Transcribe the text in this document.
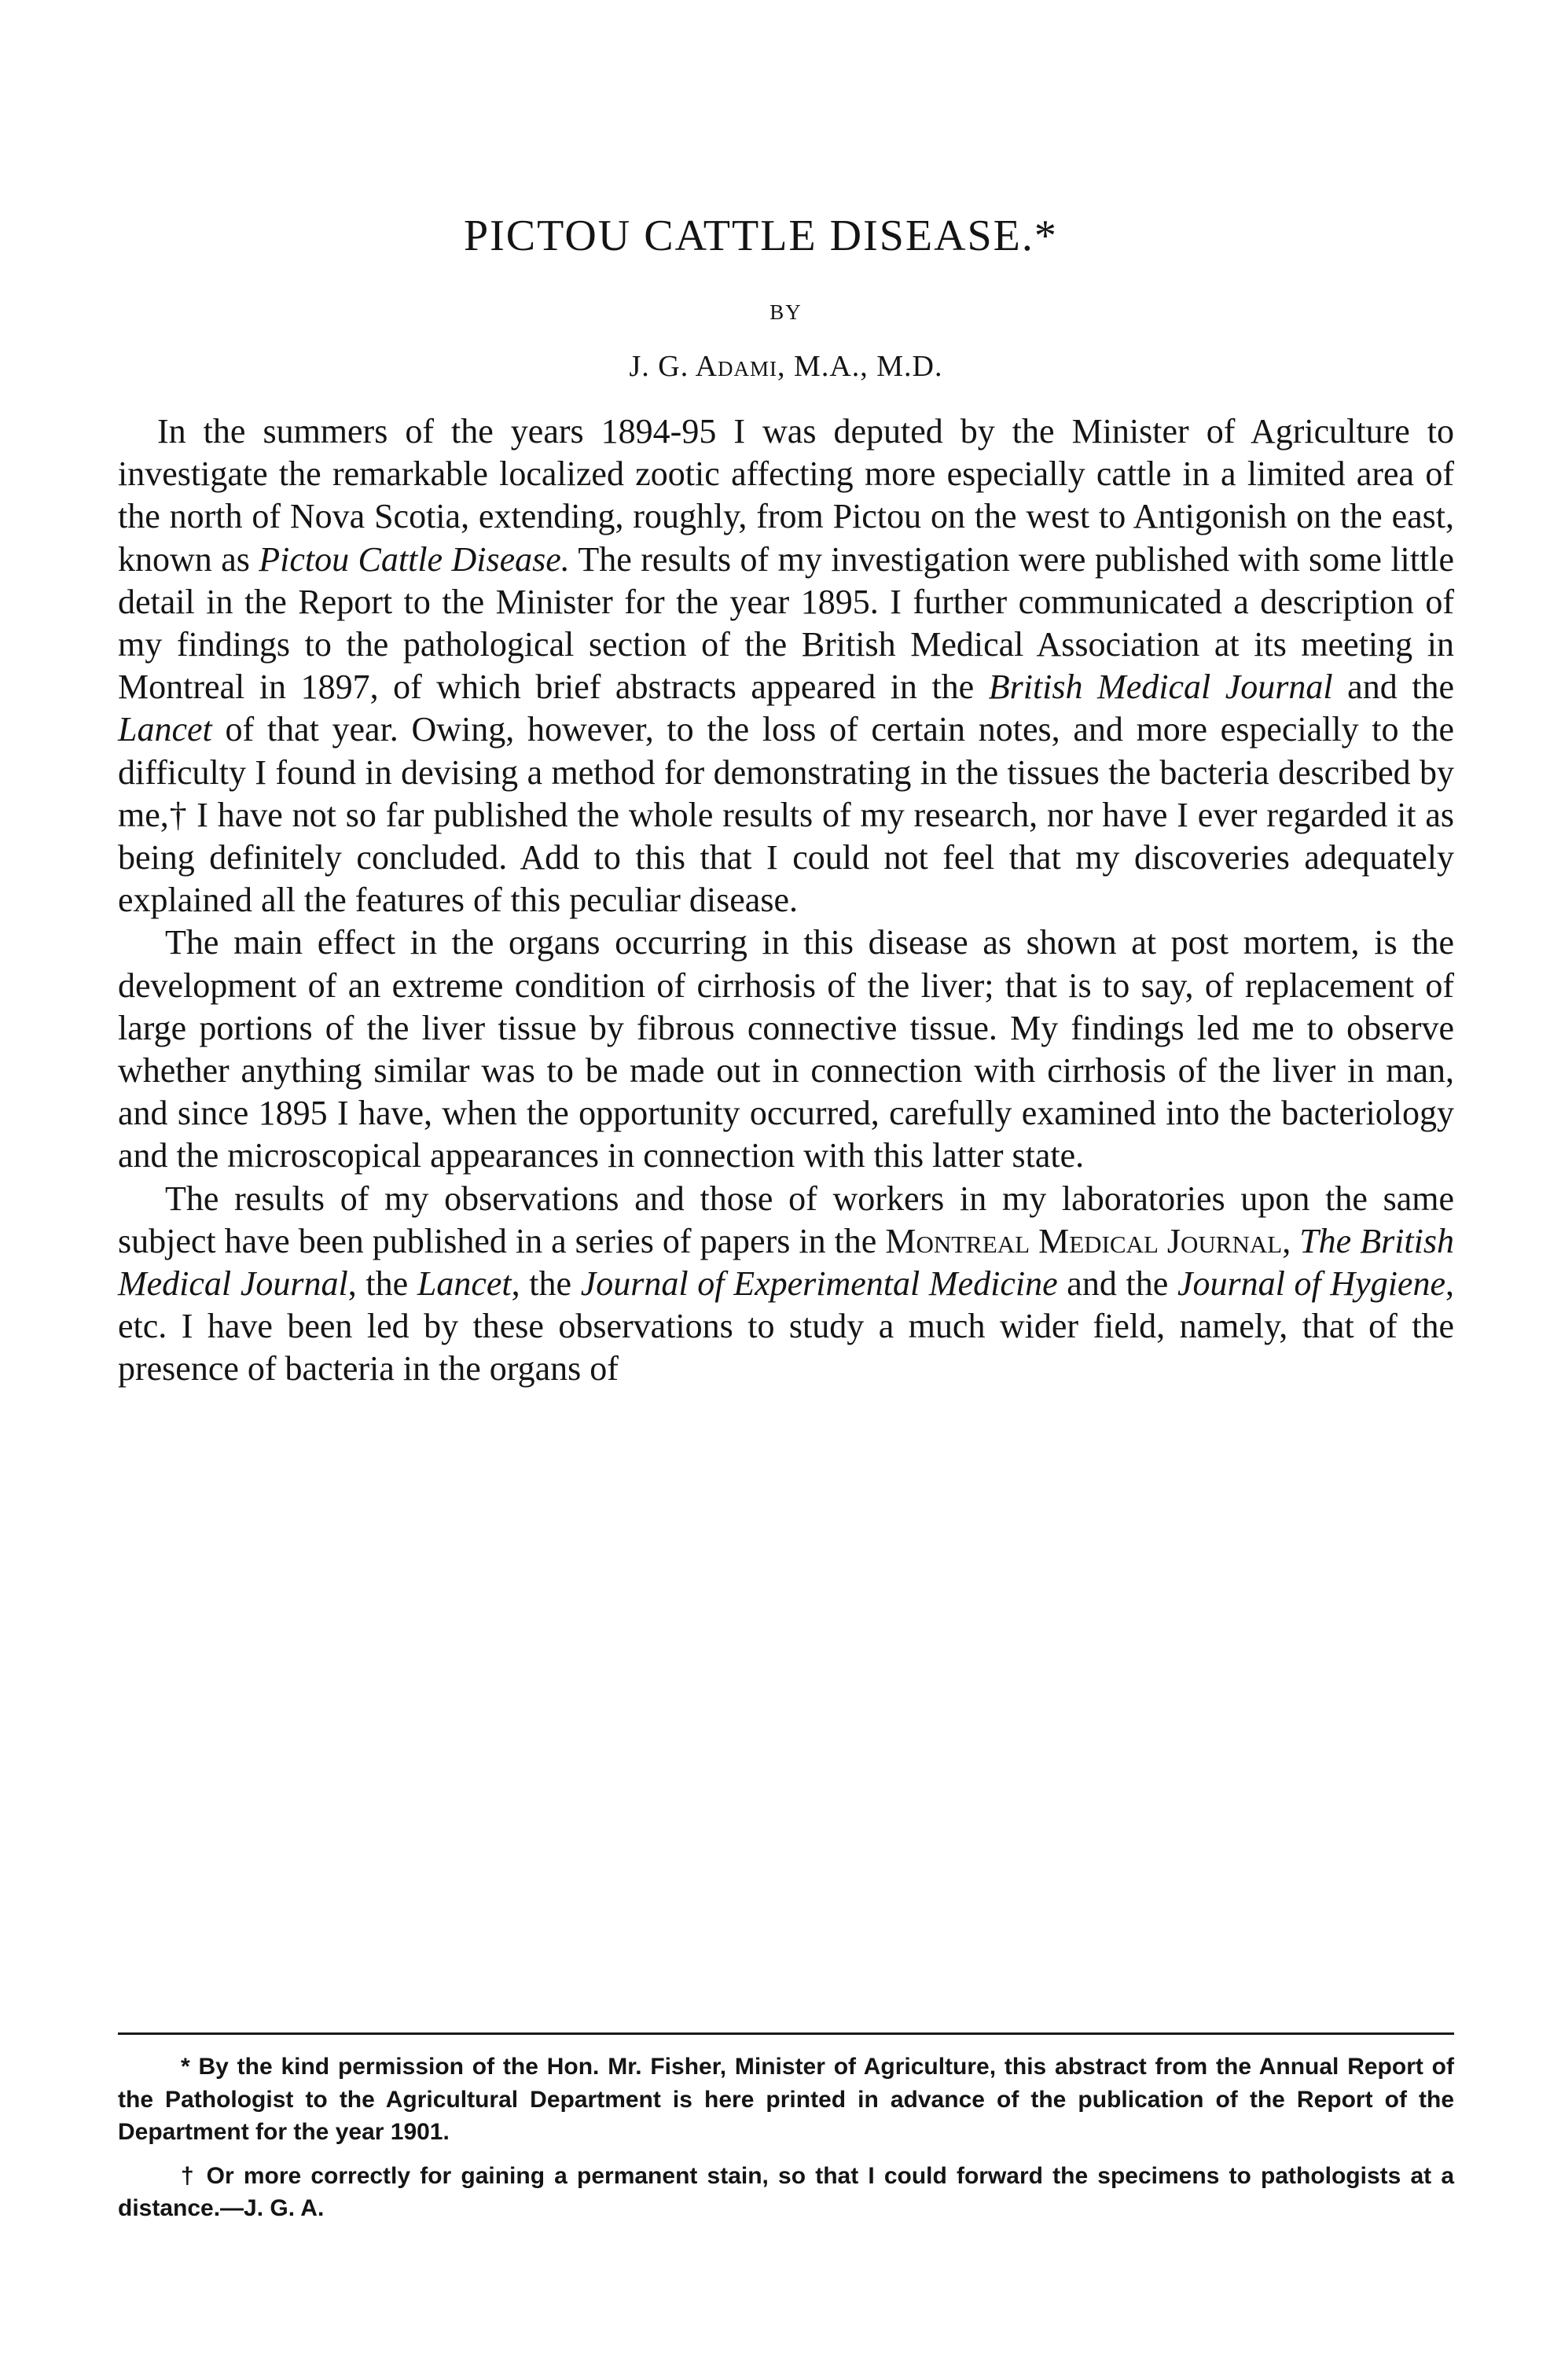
PICTOU CATTLE DISEASE.*
BY
J. G. Adami, M.A., M.D.

In the summers of the years 1894-95 I was deputed by the Minister of Agriculture to investigate the remarkable localized zootic affecting more especially cattle in a limited area of the north of Nova Scotia, extending, roughly, from Pictou on the west to Antigonish on the east, known as Pictou Cattle Disease. The results of my investigation were published with some little detail in the Report to the Minister for the year 1895. I further communicated a description of my findings to the pathological section of the British Medical Association at its meeting in Montreal in 1897, of which brief abstracts appeared in the British Medical Journal and the Lancet of that year. Owing, however, to the loss of certain notes, and more especially to the difficulty I found in devising a method for demonstrating in the tissues the bacteria described by me,† I have not so far published the whole results of my research, nor have I ever regarded it as being definitely concluded. Add to this that I could not feel that my discoveries adequately explained all the features of this peculiar disease.

The main effect in the organs occurring in this disease as shown at post mortem, is the development of an extreme condition of cirrhosis of the liver; that is to say, of replacement of large portions of the liver tissue by fibrous connective tissue. My findings led me to observe whether anything similar was to be made out in connection with cirrhosis of the liver in man, and since 1895 I have, when the opportunity occurred, carefully examined into the bacteriology and the microscopical appearances in connection with this latter state.

The results of my observations and those of workers in my laboratories upon the same subject have been published in a series of papers in the Montreal Medical Journal, The British Medical Journal, the Lancet, the Journal of Experimental Medicine and the Journal of Hygiene, etc. I have been led by these observations to study a much wider field, namely, that of the presence of bacteria in the organs of

* By the kind permission of the Hon. Mr. Fisher, Minister of Agriculture, this abstract from the Annual Report of the Pathologist to the Agricultural Department is here printed in advance of the publication of the Report of the Department for the year 1901.

† Or more correctly for gaining a permanent stain, so that I could forward the specimens to pathologists at a distance.—J. G. A.
